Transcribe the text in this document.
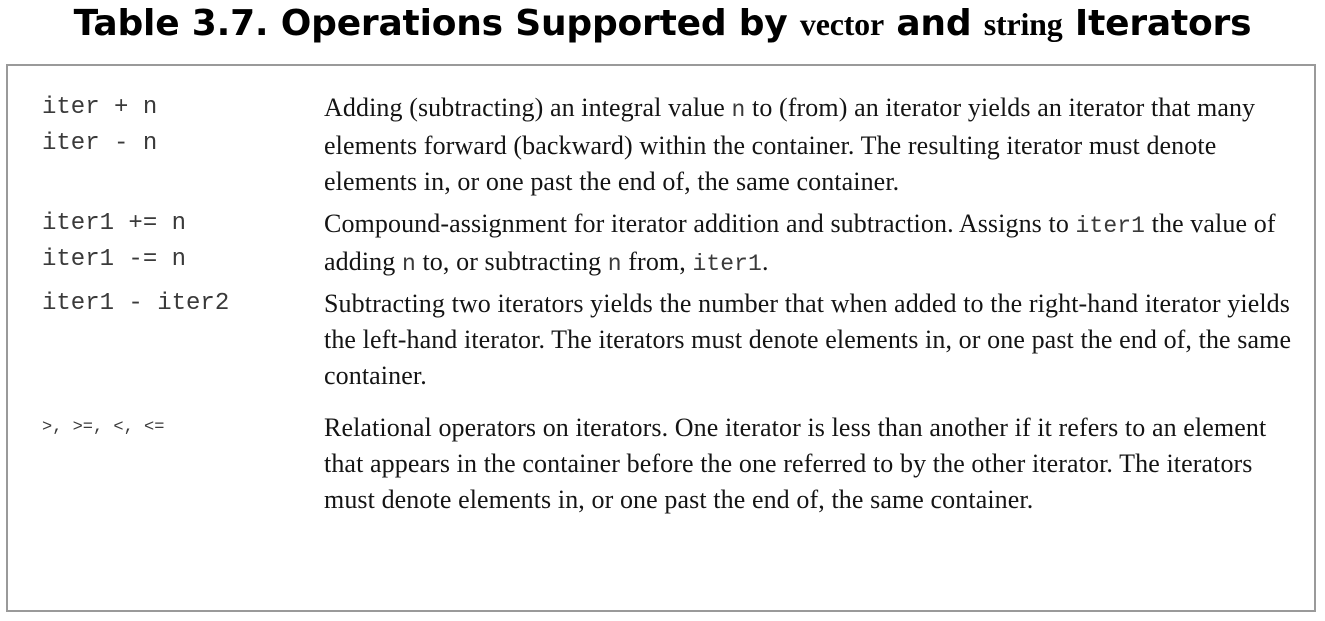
Table 3.7. Operations Supported by vector and string Iterators
iter + n
iter - n
Adding (subtracting) an integral value n to (from) an iterator yields an iterator that many elements forward (backward) within the container. The resulting iterator must denote elements in, or one past the end of, the same container.
iter1 += n
iter1 -= n
Compound-assignment for iterator addition and subtraction. Assigns to iter1 the value of adding n to, or subtracting n from, iter1.
iter1 - iter2	Subtracting two iterators yields the number that when added to the right-hand iterator yields the left-hand iterator. The iterators must denote elements in, or one past the end of, the same container.
>, >=, <, <=	Relational operators on iterators. One iterator is less than another if it refers to an element that appears in the container before the one referred to by the other iterator. The iterators must denote elements in, or one past the end of, the same container.
